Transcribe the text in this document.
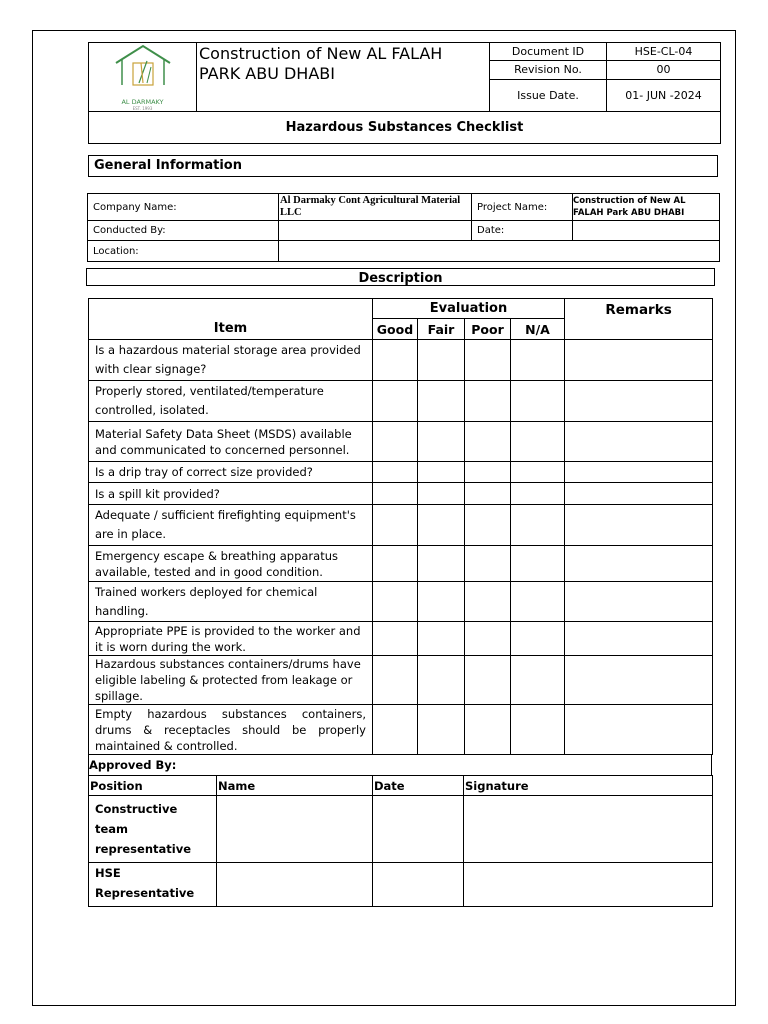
AL DARMAKY
EST. 1993	Construction of New AL FALAH PARK ABU DHABI	Document ID	HSE-CL-04
		Revision No.	00
		Issue Date.	01- JUN -2024
Hazardous Substances Checklist			
General Information
Company Name:	Al Darmaky Cont Agricultural Material LLC	Project Name:	Construction of New AL FALAH Park ABU DHABI
Conducted By:		Date:	
Location:			
Description
Item	Evaluation				Remarks
	Good	Fair	Poor	N/A	
Is a hazardous material storage area provided with clear signage?					
Properly stored, ventilated/temperature controlled, isolated.					
Material Safety Data Sheet (MSDS) available and communicated to concerned personnel.					
Is a drip tray of correct size provided?					
Is a spill kit provided?					
Adequate / sufficient firefighting equipment's are in place.					
Emergency escape & breathing apparatus available, tested and in good condition.					
Trained workers deployed for chemical handling.					
Appropriate PPE is provided to the worker and it is worn during the work.					
Hazardous substances containers/drums have eligible labeling & protected from leakage or spillage.					
Empty hazardous substances containers, drums & receptacles should be properly maintained & controlled.					
Approved By:
Position	Name	Date	Signature
Constructive team representative			
HSE Representative			
